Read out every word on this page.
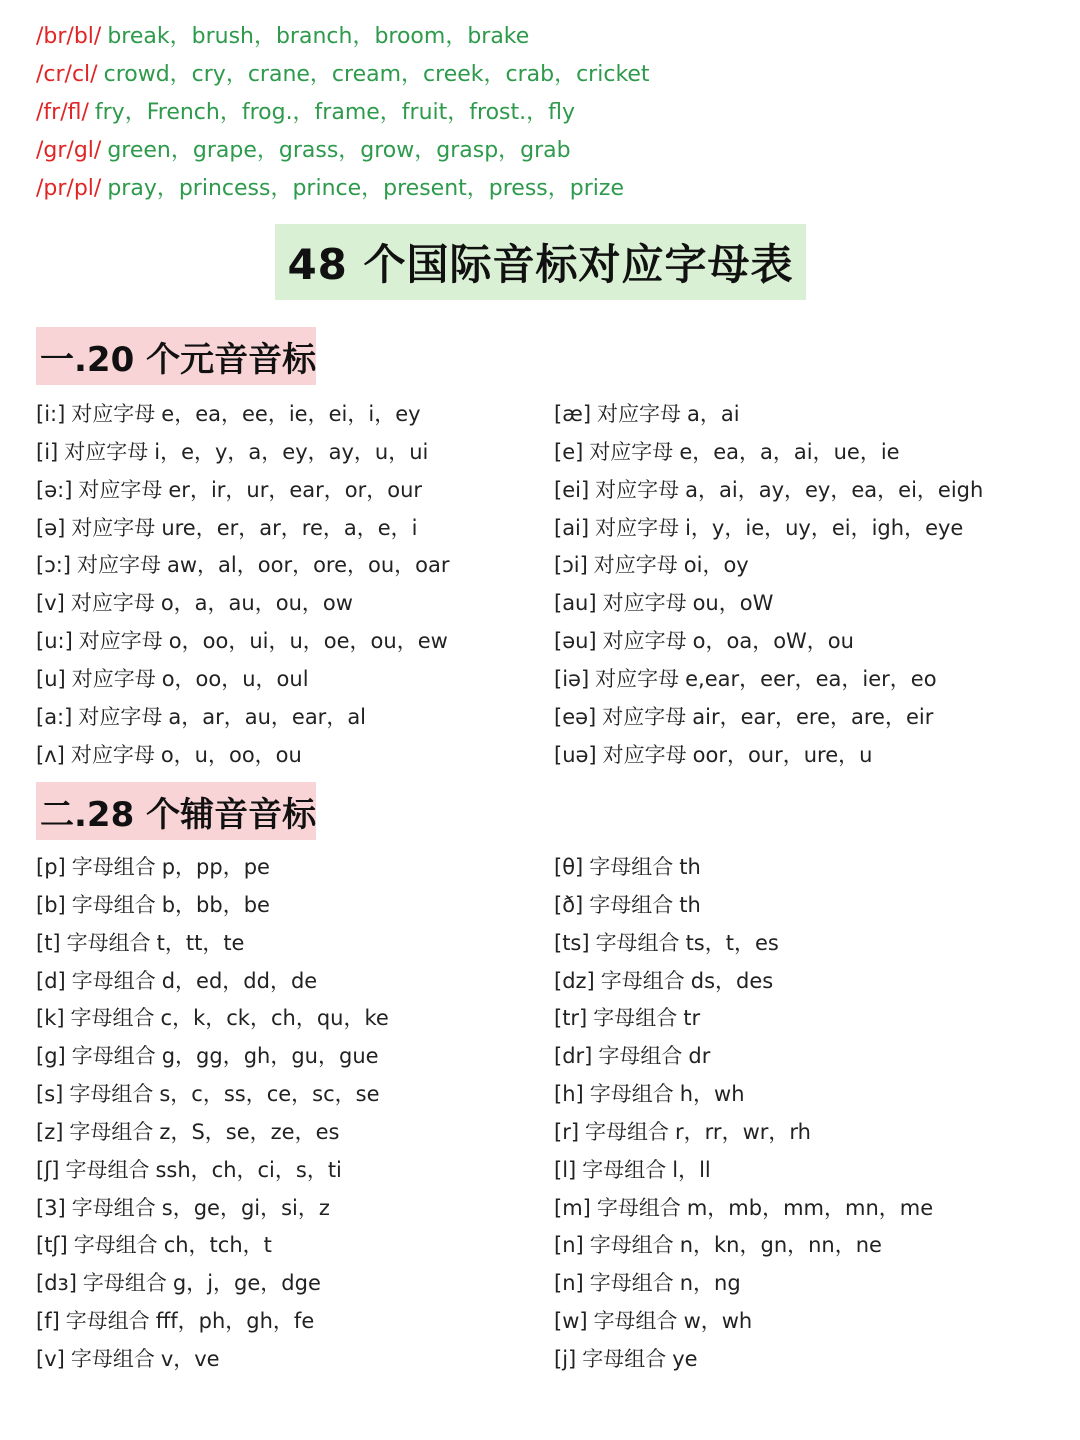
/br/bl/ break，brush，branch，broom，brake
/cr/cl/ crowd，cry，crane，cream，creek，crab，cricket
/fr/fl/ fry，French，frog.，frame，fruit，frost.，fly
/gr/gl/ green，grape，grass，grow，grasp，grab
/pr/pl/ pray，princess，prince，present，press，prize
48 个国际音标对应字母表
一.20 个元音音标
[i:] 对应字母 e，ea，ee，ie，ei，i，ey
[i] 对应字母 i，e，y，a，ey，ay，u，ui
[ə:] 对应字母 er，ir，ur，ear，or，our
[ə] 对应字母 ure，er，ar，re，a，e，i
[ɔ:] 对应字母 aw，al，oor，ore，ou，oar
[v] 对应字母 o，a，au，ou，ow
[u:] 对应字母 o，oo，ui，u，oe，ou，ew
[u] 对应字母 o，oo，u，oul
[a:] 对应字母 a，ar，au，ear，al
[ʌ] 对应字母 o，u，oo，ou
[æ] 对应字母 a，ai
[e] 对应字母 e，ea，a，ai，ue，ie
[ei] 对应字母 a，ai，ay，ey，ea，ei，eigh
[ai] 对应字母 i，y，ie，uy，ei，igh，eye
[ɔi] 对应字母 oi，oy
[au] 对应字母 ou，oW
[əu] 对应字母 o，oa，oW，ou
[iə] 对应字母 e,ear，eer，ea，ier，eo
[eə] 对应字母 air，ear，ere，are，eir
[uə] 对应字母 oor，our，ure，u
二.28 个辅音音标
[p] 字母组合 p，pp，pe
[b] 字母组合 b，bb，be
[t] 字母组合 t，tt，te
[d] 字母组合 d，ed，dd，de
[k] 字母组合 c，k，ck，ch，qu，ke
[g] 字母组合 g，gg，gh，gu，gue
[s] 字母组合 s，c，ss，ce，sc，se
[z] 字母组合 z，S，se，ze，es
[ʃ] 字母组合 ssh，ch，ci，s，ti
[3] 字母组合 s，ge，gi，si，z
[tʃ] 字母组合 ch，tch，t
[dз] 字母组合 g，j，ge，dge
[f] 字母组合 fff，ph，gh，fe
[v] 字母组合 v，ve
[θ] 字母组合 th
[ð] 字母组合 th
[ts] 字母组合 ts，t，es
[dz] 字母组合 ds，des
[tr] 字母组合 tr
[dr] 字母组合 dr
[h] 字母组合 h，wh
[r] 字母组合 r，rr，wr，rh
[l] 字母组合 l，ll
[m] 字母组合 m，mb，mm，mn，me
[n] 字母组合 n，kn，gn，nn，ne
[n] 字母组合 n，ng
[w] 字母组合 w，wh
[j] 字母组合 ye
